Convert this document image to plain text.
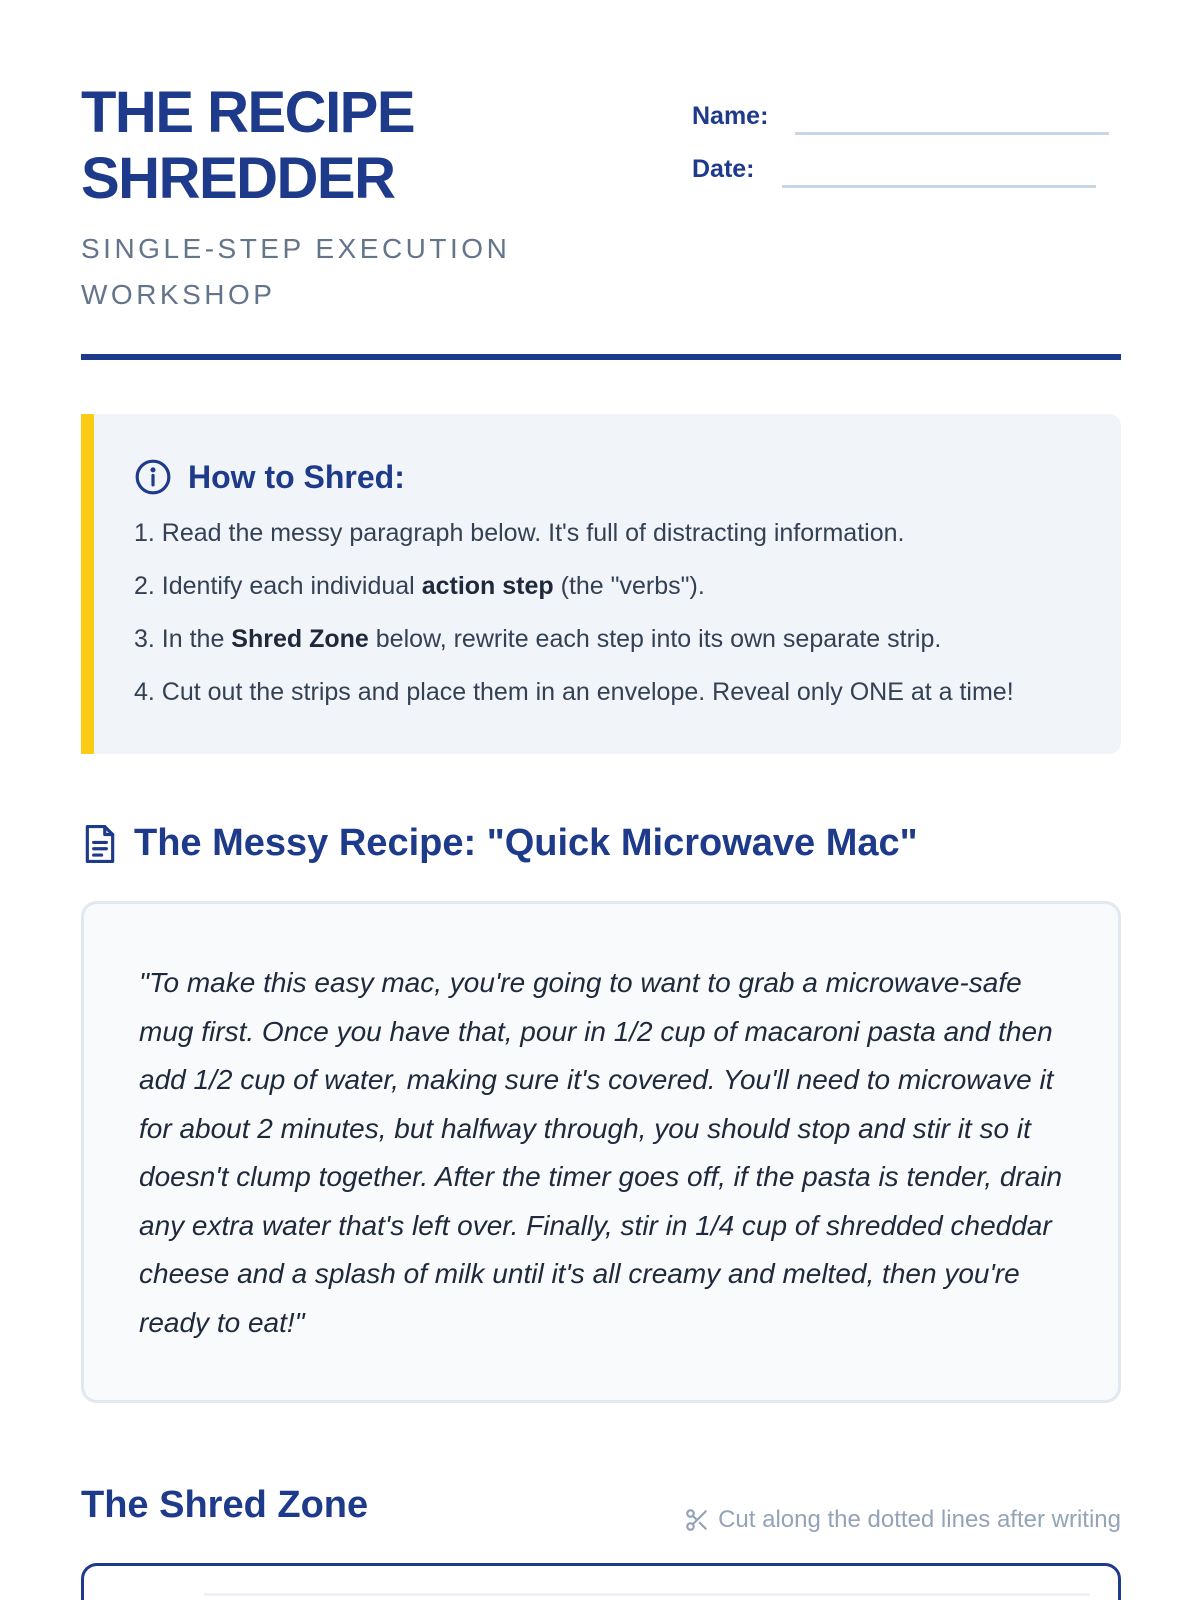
THE RECIPE SHREDDER
SINGLE-STEP EXECUTION WORKSHOP
Name:
Date:
How to Shred:
1. Read the messy paragraph below. It's full of distracting information.
2. Identify each individual action step (the "verbs").
3. In the Shred Zone below, rewrite each step into its own separate strip.
4. Cut out the strips and place them in an envelope. Reveal only ONE at a time!
The Messy Recipe: "Quick Microwave Mac"

"To make this easy mac, you're going to want to grab a microwave-safe mug first. Once you have that, pour in 1/2 cup of macaroni pasta and then add 1/2 cup of water, making sure it's covered. You'll need to microwave it for about 2 minutes, but halfway through, you should stop and stir it so it doesn't clump together. After the timer goes off, if the pasta is tender, drain any extra water that's left over. Finally, stir in 1/4 cup of shredded cheddar cheese and a splash of milk until it's all creamy and melted, then you're ready to eat!"

The Shred Zone	Cut along the dotted lines after writing
